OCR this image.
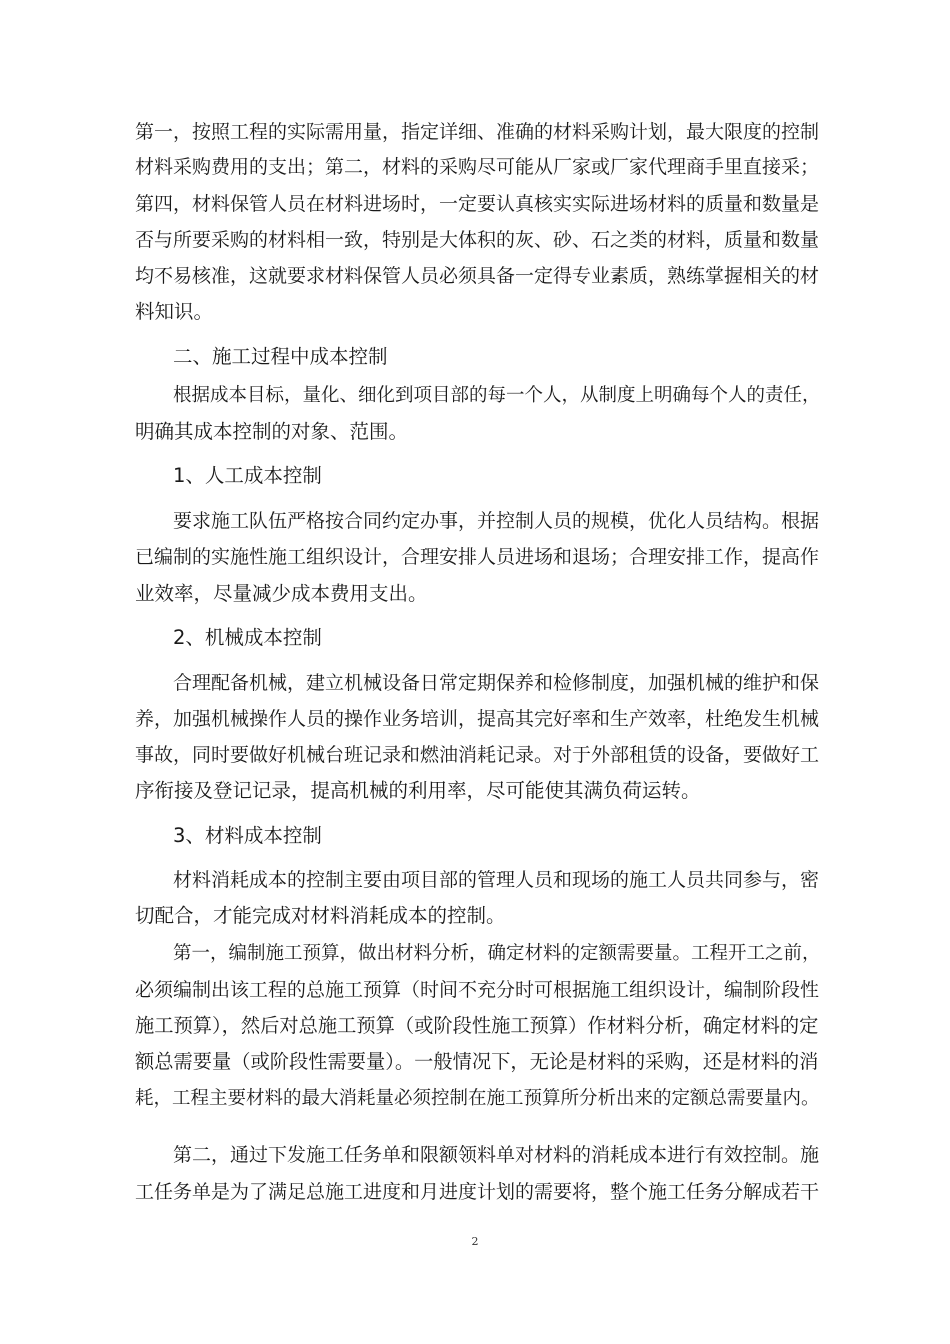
第一，按照工程的实际需用量，指定详细、准确的材料采购计划，最大限度的控制

材料采购费用的支出；第二，材料的采购尽可能从厂家或厂家代理商手里直接采；

第四，材料保管人员在材料进场时，一定要认真核实实际进场材料的质量和数量是

否与所要采购的材料相一致，特别是大体积的灰、砂、石之类的材料，质量和数量

均不易核准，这就要求材料保管人员必须具备一定得专业素质，熟练掌握相关的材

料知识。

二、施工过程中成本控制

根据成本目标，量化、细化到项目部的每一个人，从制度上明确每个人的责任，

明确其成本控制的对象、范围。

1、人工成本控制

要求施工队伍严格按合同约定办事，并控制人员的规模，优化人员结构。根据

已编制的实施性施工组织设计，合理安排人员进场和退场；合理安排工作，提高作

业效率，尽量减少成本费用支出。

2、机械成本控制

合理配备机械，建立机械设备日常定期保养和检修制度，加强机械的维护和保

养，加强机械操作人员的操作业务培训，提高其完好率和生产效率，杜绝发生机械

事故，同时要做好机械台班记录和燃油消耗记录。对于外部租赁的设备，要做好工

序衔接及登记记录，提高机械的利用率，尽可能使其满负荷运转。

3、材料成本控制

材料消耗成本的控制主要由项目部的管理人员和现场的施工人员共同参与，密

切配合，才能完成对材料消耗成本的控制。

第一，编制施工预算，做出材料分析，确定材料的定额需要量。工程开工之前，

必须编制出该工程的总施工预算（时间不充分时可根据施工组织设计，编制阶段性

施工预算），然后对总施工预算（或阶段性施工预算）作材料分析，确定材料的定

额总需要量（或阶段性需要量）。一般情况下，无论是材料的采购，还是材料的消

耗，工程主要材料的最大消耗量必须控制在施工预算所分析出来的定额总需要量内。

第二，通过下发施工任务单和限额领料单对材料的消耗成本进行有效控制。施

工任务单是为了满足总施工进度和月进度计划的需要将，整个施工任务分解成若干

2
